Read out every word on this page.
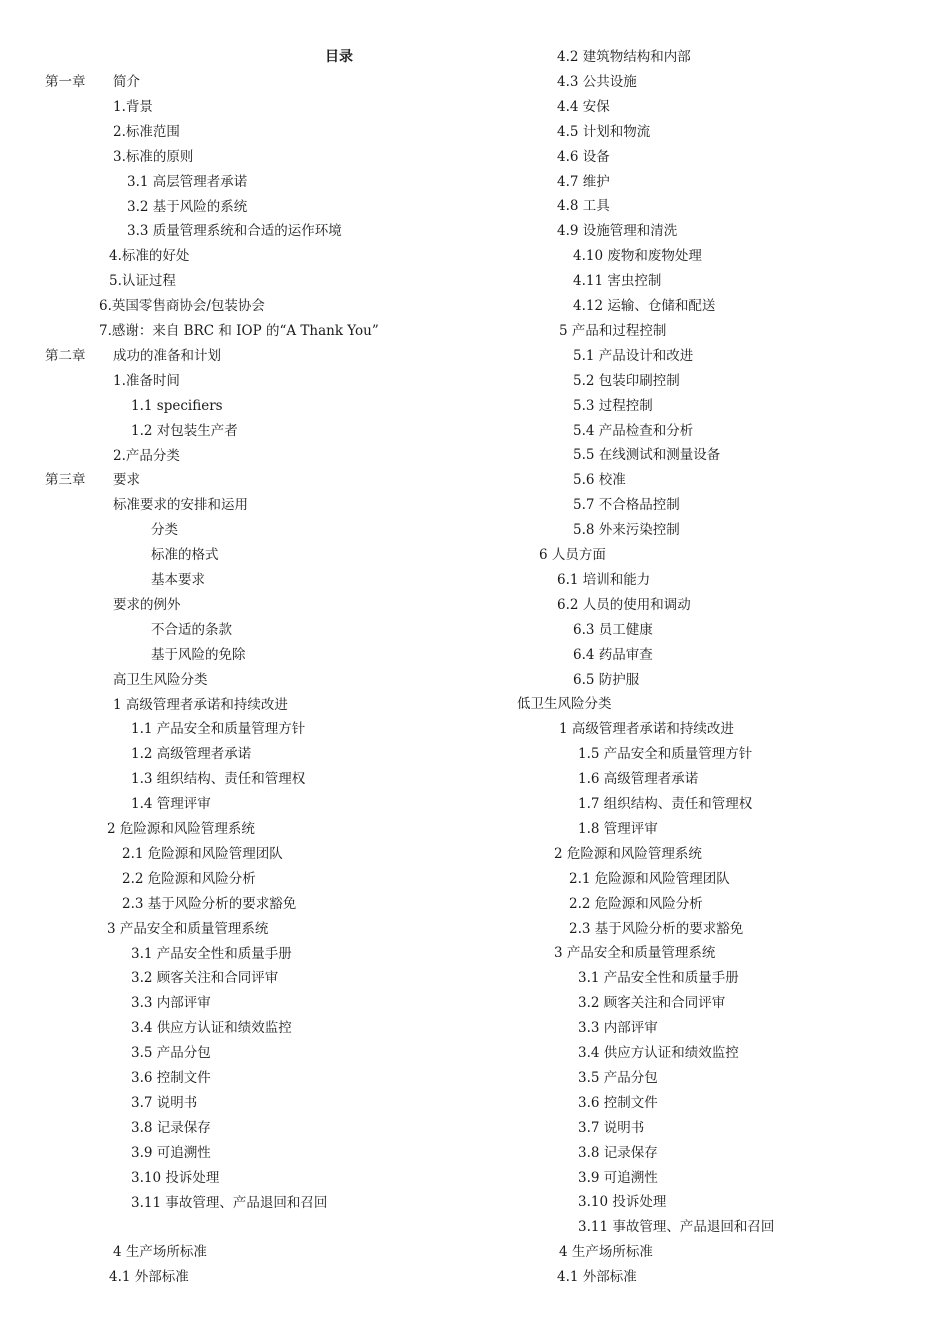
目录
第一章 简介
1.背景
2.标准范围
3.标准的原则
3.1 高层管理者承诺
3.2 基于风险的系统
3.3 质量管理系统和合适的运作环境
4.标准的好处
5.认证过程
6.英国零售商协会/包装协会
7.感谢：来自 BRC 和 IOP 的“A Thank You”
第二章 成功的准备和计划
1.准备时间
1.1 specifiers
1.2 对包装生产者
2.产品分类
第三章 要求
标准要求的安排和运用
分类
标准的格式
基本要求
要求的例外
不合适的条款
基于风险的免除
高卫生风险分类
1 高级管理者承诺和持续改进
1.1 产品安全和质量管理方针
1.2 高级管理者承诺
1.3 组织结构、责任和管理权
1.4 管理评审
2 危险源和风险管理系统
2.1 危险源和风险管理团队
2.2 危险源和风险分析
2.3 基于风险分析的要求豁免
3 产品安全和质量管理系统
3.1 产品安全性和质量手册
3.2 顾客关注和合同评审
3.3 内部评审
3.4 供应方认证和绩效监控
3.5 产品分包
3.6 控制文件
3.7 说明书
3.8 记录保存
3.9 可追溯性
3.10 投诉处理
3.11 事故管理、产品退回和召回
4 生产场所标准
4.1 外部标准
4.2 建筑物结构和内部
4.3 公共设施
4.4 安保
4.5 计划和物流
4.6 设备
4.7 维护
4.8 工具
4.9 设施管理和清洗
4.10 废物和废物处理
4.11 害虫控制
4.12 运输、仓储和配送
5 产品和过程控制
5.1 产品设计和改进
5.2 包装印刷控制
5.3 过程控制
5.4 产品检查和分析
5.5 在线测试和测量设备
5.6 校准
5.7 不合格品控制
5.8 外来污染控制
6 人员方面
6.1 培训和能力
6.2 人员的使用和调动
6.3 员工健康
6.4 药品审查
6.5 防护服
低卫生风险分类
1 高级管理者承诺和持续改进
1.5 产品安全和质量管理方针
1.6 高级管理者承诺
1.7 组织结构、责任和管理权
1.8 管理评审
2 危险源和风险管理系统
2.1 危险源和风险管理团队
2.2 危险源和风险分析
2.3 基于风险分析的要求豁免
3 产品安全和质量管理系统
3.1 产品安全性和质量手册
3.2 顾客关注和合同评审
3.3 内部评审
3.4 供应方认证和绩效监控
3.5 产品分包
3.6 控制文件
3.7 说明书
3.8 记录保存
3.9 可追溯性
3.10 投诉处理
3.11 事故管理、产品退回和召回
4 生产场所标准
4.1 外部标准
